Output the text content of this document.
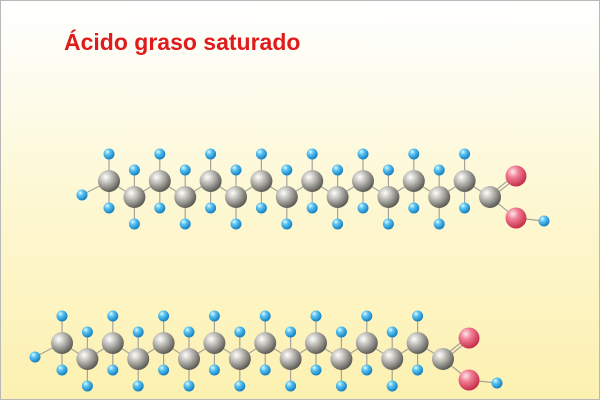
Ácido graso saturado
